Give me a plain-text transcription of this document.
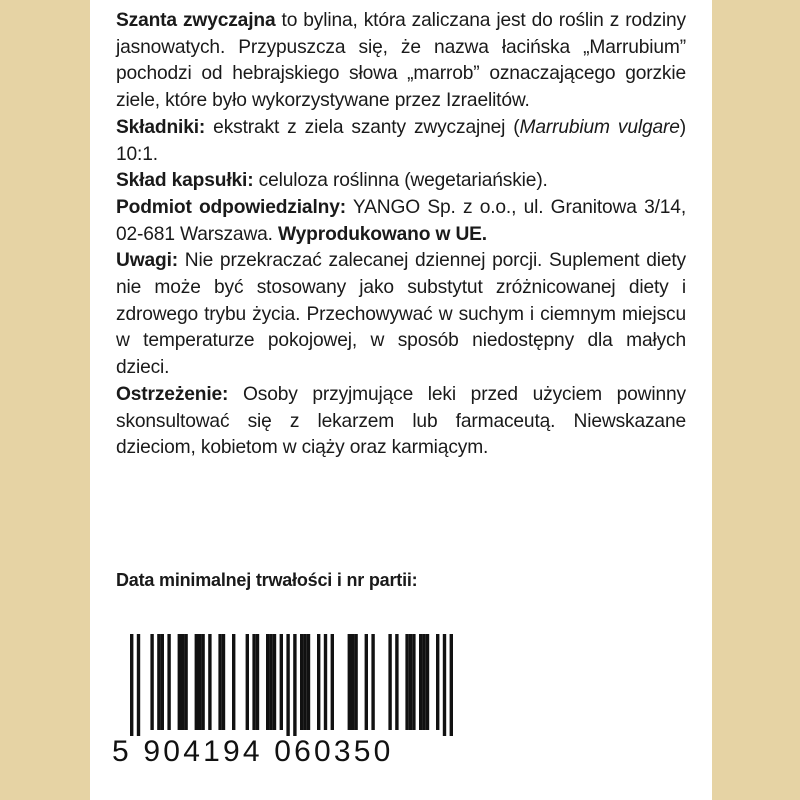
Szanta zwyczajna to bylina, która zaliczana jest do roślin z rodziny jasnowatych. Przypuszcza się, że nazwa łacińska „Marrubium” pochodzi od hebrajskiego słowa „marrob” oznaczającego gorzkie ziele, które było wykorzystywane przez Izraelitów.

Składniki: ekstrakt z ziela szanty zwyczajnej (Marrubium vulgare) 10:1.

Skład kapsułki: celuloza roślinna (wegetariańskie).

Podmiot odpowiedzialny: YANGO Sp. z o.o., ul. Granitowa 3/14, 02-681 Warszawa. Wyprodukowano w UE.

Uwagi: Nie przekraczać zalecanej dziennej porcji. Suplement diety nie może być stosowany jako substytut zróżnicowanej diety i zdrowego trybu życia. Przechowywać w suchym i ciemnym miejscu w temperaturze pokojowej, w sposób niedostępny dla małych dzieci.

Ostrzeżenie: Osoby przyjmujące leki przed użyciem powinny skonsultować się z lekarzem lub farmaceutą. Niewskazane dzieciom, kobietom w ciąży oraz karmiącym.

Data minimalnej trwałości i nr partii:
5 904194 060350
